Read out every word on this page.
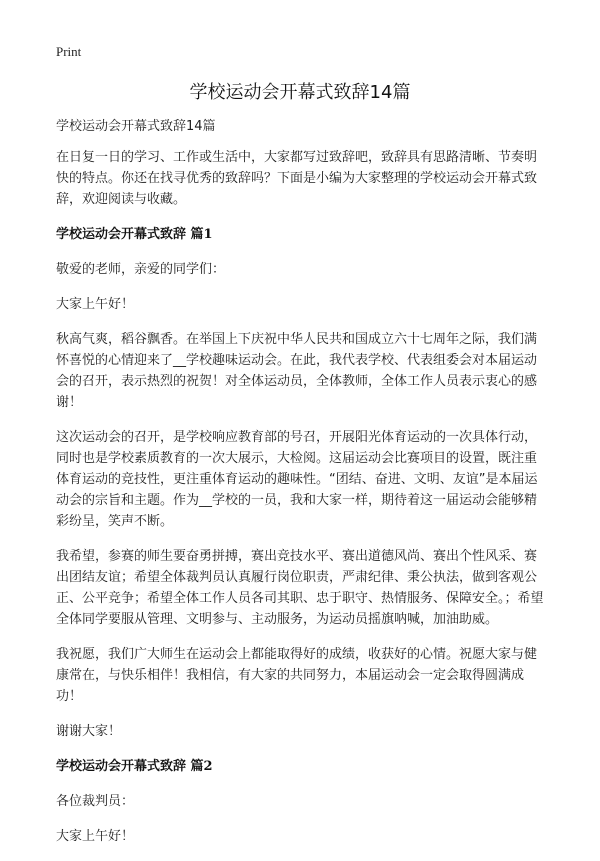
Print
学校运动会开幕式致辞14篇

学校运动会开幕式致辞14篇

在日复一日的学习、工作或生活中，大家都写过致辞吧，致辞具有思路清晰、节奏明快的特点。你还在找寻优秀的致辞吗？下面是小编为大家整理的学校运动会开幕式致辞，欢迎阅读与收藏。

学校运动会开幕式致辞 篇1

敬爱的老师，亲爱的同学们：

大家上午好！

秋高气爽，稻谷飘香。在举国上下庆祝中华人民共和国成立六十七周年之际，我们满怀喜悦的心情迎来了__学校趣味运动会。在此，我代表学校、代表组委会对本届运动会的召开，表示热烈的祝贺！对全体运动员，全体教师，全体工作人员表示衷心的感谢！

这次运动会的召开，是学校响应教育部的号召，开展阳光体育运动的一次具体行动，同时也是学校素质教育的一次大展示，大检阅。这届运动会比赛项目的设置，既注重体育运动的竞技性，更注重体育运动的趣味性。“团结、奋进、文明、友谊”是本届运动会的宗旨和主题。作为__学校的一员，我和大家一样，期待着这一届运动会能够精彩纷呈，笑声不断。

我希望，参赛的师生要奋勇拼搏，赛出竞技水平、赛出道德风尚、赛出个性风采、赛出团结友谊；希望全体裁判员认真履行岗位职责，严肃纪律、秉公执法，做到客观公正、公平竞争；希望全体工作人员各司其职、忠于职守、热情服务、保障安全。；希望全体同学要服从管理、文明参与、主动服务，为运动员摇旗呐喊，加油助威。

我祝愿，我们广大师生在运动会上都能取得好的成绩，收获好的心情。祝愿大家与健康常在，与快乐相伴！我相信，有大家的共同努力，本届运动会一定会取得圆满成功！

谢谢大家！

学校运动会开幕式致辞 篇2

各位裁判员：

大家上午好！
